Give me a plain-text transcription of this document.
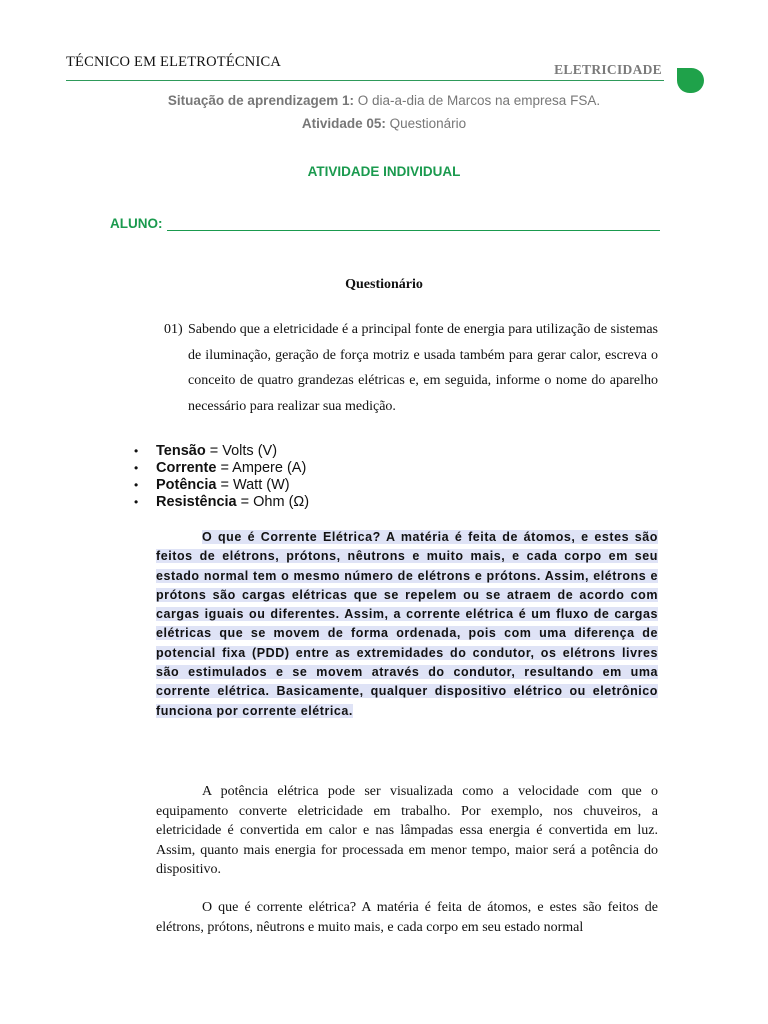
TÉCNICO EM ELETROTÉCNICA	ELETRICIDADE
Situação de aprendizagem 1: O dia-a-dia de Marcos na empresa FSA.
Atividade 05: Questionário
ATIVIDADE INDIVIDUAL
ALUNO:
Questionário
01) Sabendo que a eletricidade é a principal fonte de energia para utilização de sistemas de iluminação, geração de força motriz e usada também para gerar calor, escreva o conceito de quatro grandezas elétricas e, em seguida, informe o nome do aparelho necessário para realizar sua medição.
• Tensão = Volts (V)
• Corrente = Ampere (A)
• Potência = Watt (W)
• Resistência = Ohm (Ω)
O que é Corrente Elétrica? A matéria é feita de átomos, e estes são feitos de elétrons, prótons, nêutrons e muito mais, e cada corpo em seu estado normal tem o mesmo número de elétrons e prótons. Assim, elétrons e prótons são cargas elétricas que se repelem ou se atraem de acordo com cargas iguais ou diferentes. Assim, a corrente elétrica é um fluxo de cargas elétricas que se movem de forma ordenada, pois com uma diferença de potencial fixa (PDD) entre as extremidades do condutor, os elétrons livres são estimulados e se movem através do condutor, resultando em uma corrente elétrica. Basicamente, qualquer dispositivo elétrico ou eletrônico funciona por corrente elétrica.
A potência elétrica pode ser visualizada como a velocidade com que o equipamento converte eletricidade em trabalho. Por exemplo, nos chuveiros, a eletricidade é convertida em calor e nas lâmpadas essa energia é convertida em luz. Assim, quanto mais energia for processada em menor tempo, maior será a potência do dispositivo.
O que é corrente elétrica? A matéria é feita de átomos, e estes são feitos de elétrons, prótons, nêutrons e muito mais, e cada corpo em seu estado normal
